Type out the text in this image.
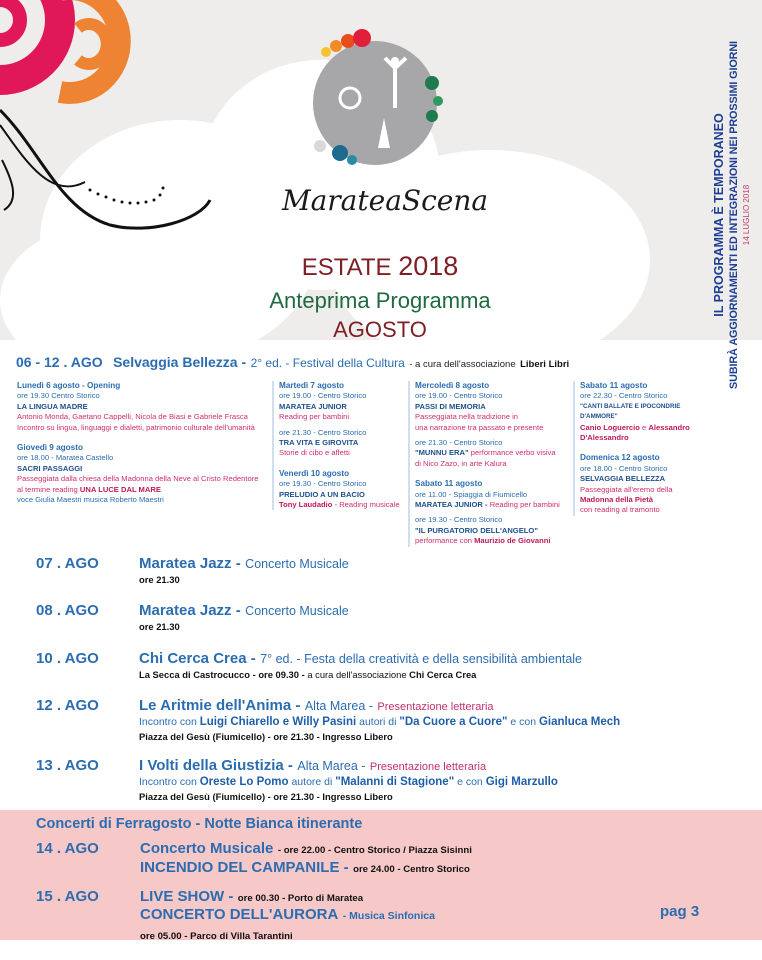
MarateaScena
ESTATE 2018
Anteprima Programma
AGOSTO
IL PROGRAMMA È TEMPORANEO SUBIRÀ AGGIORNAMENTI ED INTEGRAZIONI NEI PROSSIMI GIORNI 14 LUGLIO 2018
06 - 12 . AGO Selvaggia Bellezza - 2° ed. - Festival della Cultura - a cura dell'associazione Liberi Libri
Lunedì 6 agosto - Opening
ore 19.30 Centro Storico
LA LINGUA MADRE
Antonio Monda, Gaetano Cappelli, Nicola de Biasi e Gabriele Frasca
Incontro su lingua, linguaggi e dialetti, patrimonio culturale dell'umanità
Giovedì 9 agosto
ore 18.00 - Maratea Castello
SACRI PASSAGGI
Passeggiata dalla chiesa della Madonna della Neve al Cristo Redentore
al termine reading UNA LUCE DAL MARE
voce Giulia Maestri musica Roberto Maestri
Martedì 7 agosto
ore 19.00 - Centro Storico
MARATEA JUNIOR
Reading per bambini
ore 21.30 - Centro Storico
TRA VITA E GIROVITA
Storie di cibo e affetti
Venerdì 10 agosto
ore 19.30 - Centro Storico
PRELUDIO A UN BACIO
Tony Laudadio - Reading musicale
Mercoledì 8 agosto
ore 19.00 - Centro Storico
PASSI DI MEMORIA
Passeggiata nella tradizione in
una narrazione tra passato e presente
ore 21.30 - Centro Storico
"MUNNU ERA" performance verbo visiva
di Nico Zazo, in arte Kalura
Sabato 11 agosto
ore 11.00 - Spiaggia di Fiumicello
MARATEA JUNIOR - Reading per bambini
ore 19.30 - Centro Storico
"IL PURGATORIO DELL'ANGELO"
performance con Maurizio de Giovanni
Sabato 11 agosto
ore 22.30 - Centro Storico
"CANTI BALLATE E IPOCONDRIE D'AMMORE"
Canio Loguercio e Alessandro D'Alessandro
Domenica 12 agosto
ore 18.00 - Centro Storico
SELVAGGIA BELLEZZA
Passeggiata all'eremo della Madonna della Pietà
con reading al tramonto
07 . AGO	Maratea Jazz - Concerto Musicale
ore 21.30
08 . AGO	Maratea Jazz - Concerto Musicale
ore 21.30
10 . AGO	Chi Cerca Crea - 7° ed. - Festa della creatività e della sensibilità ambientale
La Secca di Castrocucco - ore 09.30 - a cura dell'associazione Chi Cerca Crea
12 . AGO	Le Aritmie dell'Anima - Alta Marea - Presentazione letteraria
Incontro con Luigi Chiarello e Willy Pasini autori di "Da Cuore a Cuore" e con Gianluca Mech
Piazza del Gesù (Fiumicello) - ore 21.30 - Ingresso Libero
13 . AGO	I Volti della Giustizia - Alta Marea - Presentazione letteraria
Incontro con Oreste Lo Pomo autore di "Malanni di Stagione" e con Gigi Marzullo
Piazza del Gesù (Fiumicello) - ore 21.30 - Ingresso Libero
Concerti di Ferragosto - Notte Bianca itinerante
14 . AGO	Concerto Musicale - ore 22.00 - Centro Storico / Piazza Sisinni
INCENDIO DEL CAMPANILE - ore 24.00 - Centro Storico
15 . AGO	LIVE SHOW - ore 00.30 - Porto di Maratea
CONCERTO DELL'AURORA - Musica Sinfonica
ore 05.00 - Parco di Villa Tarantini
pag 3
